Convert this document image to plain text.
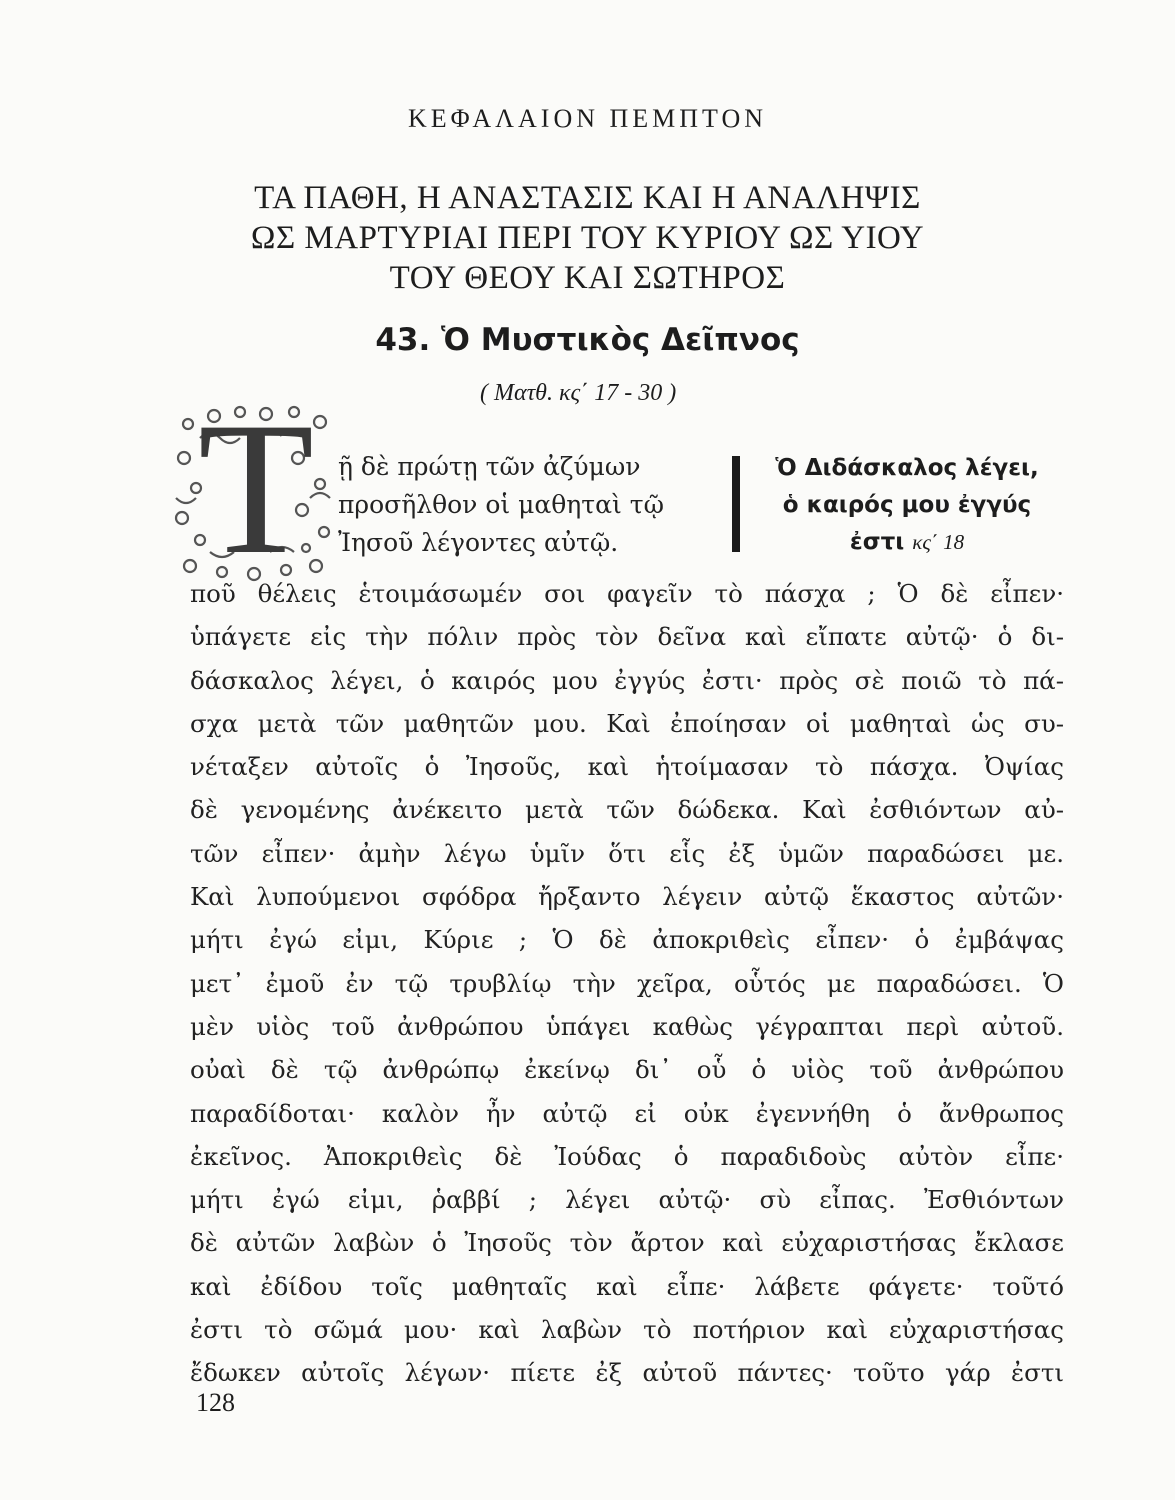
ΚΕΦΑΛΑΙΟΝ ΠΕΜΠΤΟΝ
ΤΑ ΠΑΘΗ, Η ΑΝΑΣΤΑΣΙΣ ΚΑΙ Η ΑΝΑΛΗΨΙΣ
ΩΣ ΜΑΡΤΥΡΙΑΙ ΠΕΡΙ ΤΟΥ ΚΥΡΙΟΥ ΩΣ ΥΙΟΥ
ΤΟΥ ΘΕΟΥ ΚΑΙ ΣΩΤΗΡΟΣ
43. Ὁ Μυστικὸς Δεῖπνος
( Ματθ. κς΄ 17 - 30 )
Τ ῇ δὲ πρώτῃ τῶν ἀζύμων
προσῆλθον οἱ μαθηταὶ τῷ
Ἰησοῦ λέγοντες αὐτῷ.
Ὁ Διδάσκαλος λέγει,
ὁ καιρός μου ἐγγύς
ἐστι κς΄ 18
ποῦ θέλεις ἑτοιμάσωμέν σοι φαγεῖν τὸ πάσχα ; Ὁ δὲ εἶπεν·
ὑπάγετε εἰς τὴν πόλιν πρὸς τὸν δεῖνα καὶ εἴπατε αὐτῷ· ὁ δι-
δάσκαλος λέγει, ὁ καιρός μου ἐγγύς ἐστι· πρὸς σὲ ποιῶ τὸ πά-
σχα μετὰ τῶν μαθητῶν μου. Καὶ ἐποίησαν οἱ μαθηταὶ ὡς συ-
νέταξεν αὐτοῖς ὁ Ἰησοῦς, καὶ ἡτοίμασαν τὸ πάσχα. Ὀψίας
δὲ γενομένης ἀνέκειτο μετὰ τῶν δώδεκα. Καὶ ἐσθιόντων αὐ-
τῶν εἶπεν· ἀμὴν λέγω ὑμῖν ὅτι εἷς ἐξ ὑμῶν παραδώσει με.
Καὶ λυπούμενοι σφόδρα ἤρξαντο λέγειν αὐτῷ ἕκαστος αὐτῶν·
μήτι ἐγώ εἰμι, Κύριε ; Ὁ δὲ ἀποκριθεὶς εἶπεν· ὁ ἐμβάψας
μετ᾽ ἐμοῦ ἐν τῷ τρυβλίῳ τὴν χεῖρα, οὗτός με παραδώσει. Ὁ
μὲν υἱὸς τοῦ ἀνθρώπου ὑπάγει καθὼς γέγραπται περὶ αὐτοῦ.
οὐαὶ δὲ τῷ ἀνθρώπῳ ἐκείνῳ δι᾽ οὗ ὁ υἱὸς τοῦ ἀνθρώπου
παραδίδοται· καλὸν ἦν αὐτῷ εἰ οὐκ ἐγεννήθη ὁ ἄνθρωπος
ἐκεῖνος. Ἀποκριθεὶς δὲ Ἰούδας ὁ παραδιδοὺς αὐτὸν εἶπε·
μήτι ἐγώ εἰμι, ῥαββί ; λέγει αὐτῷ· σὺ εἶπας. Ἐσθιόντων
δὲ αὐτῶν λαβὼν ὁ Ἰησοῦς τὸν ἄρτον καὶ εὐχαριστήσας ἔκλασε
καὶ ἐδίδου τοῖς μαθηταῖς καὶ εἶπε· λάβετε φάγετε· τοῦτό
ἐστι τὸ σῶμά μου· καὶ λαβὼν τὸ ποτήριον καὶ εὐχαριστήσας
ἔδωκεν αὐτοῖς λέγων· πίετε ἐξ αὐτοῦ πάντες· τοῦτο γάρ ἐστι
128
